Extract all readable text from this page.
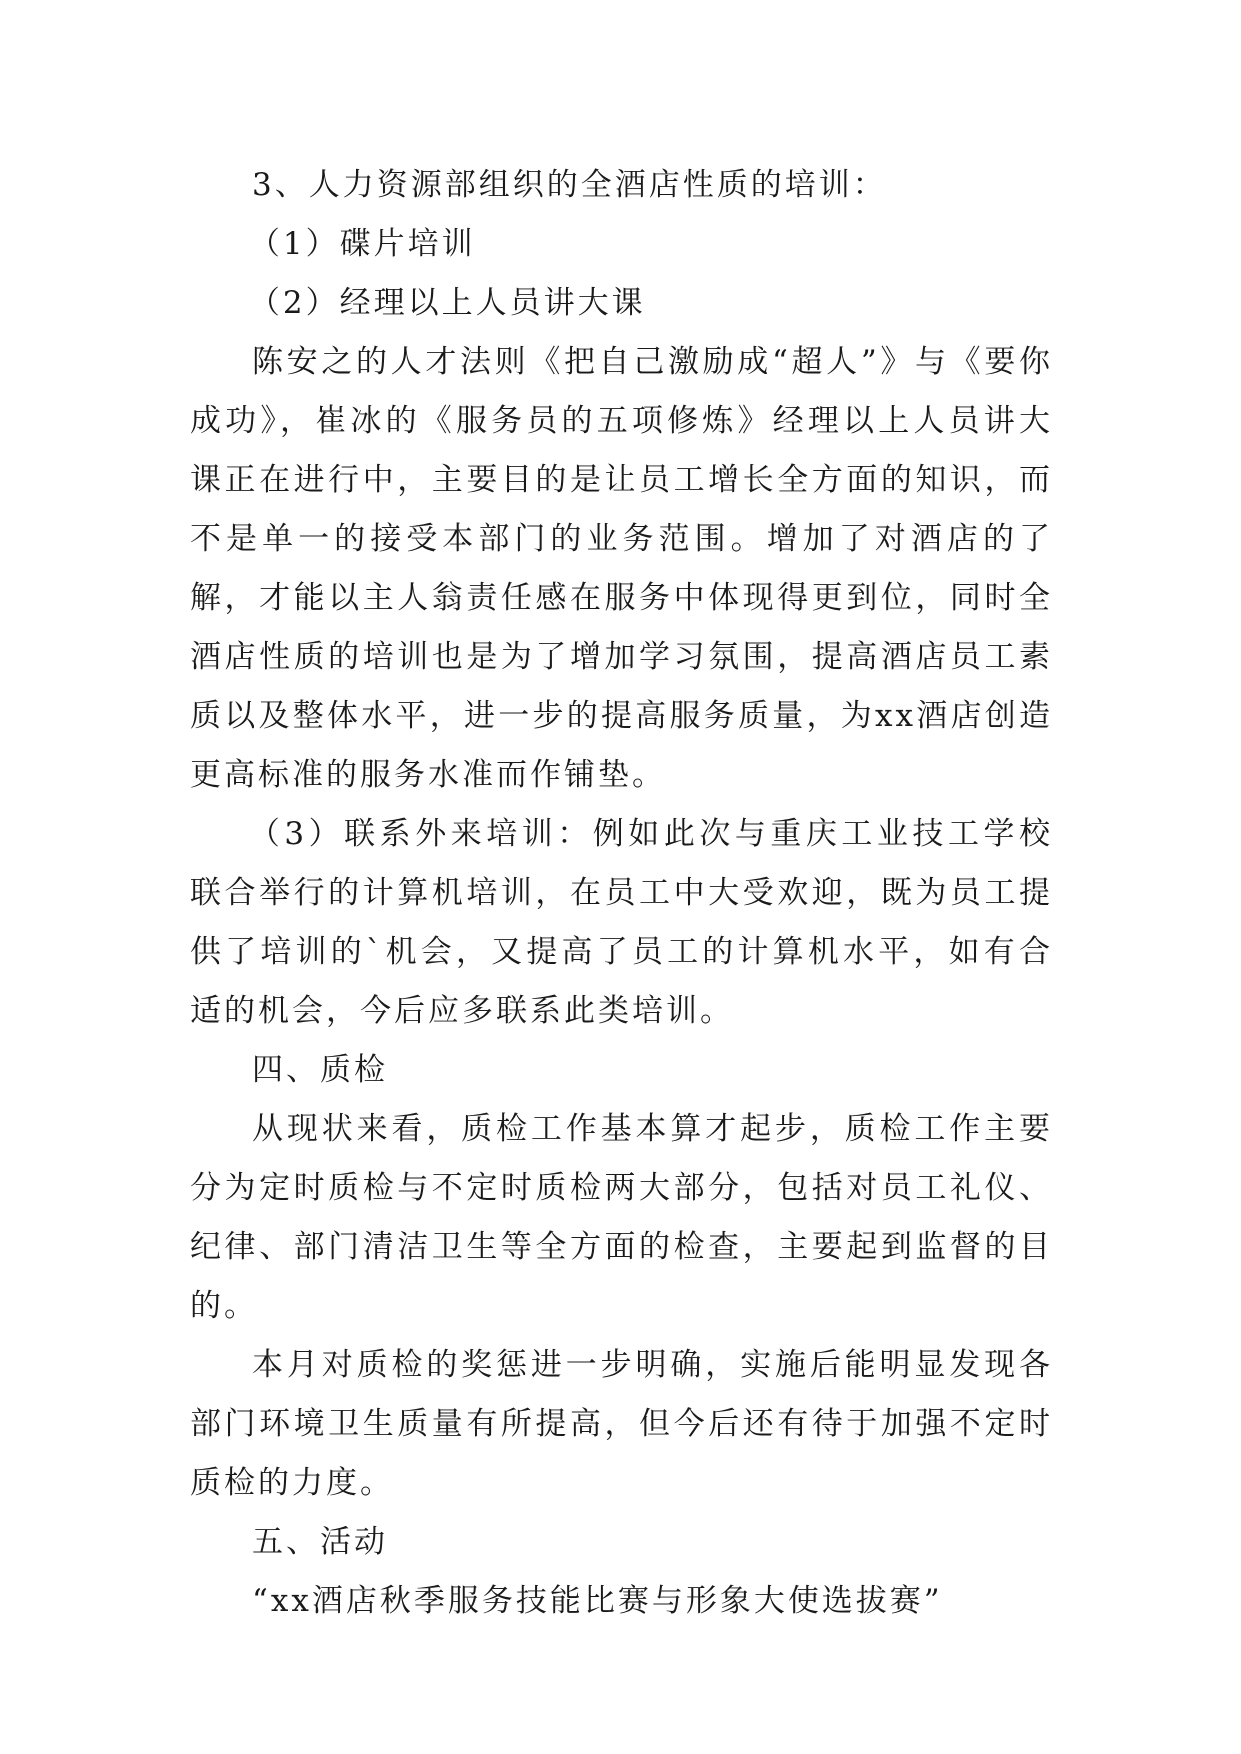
3、人力资源部组织的全酒店性质的培训：

（1）碟片培训

（2）经理以上人员讲大课

陈安之的人才法则《把自己激励成“超人”》与《要你成功》，崔冰的《服务员的五项修炼》经理以上人员讲大课正在进行中，主要目的是让员工增长全方面的知识，而不是单一的接受本部门的业务范围。增加了对酒店的了解，才能以主人翁责任感在服务中体现得更到位，同时全酒店性质的培训也是为了增加学习氛围，提高酒店员工素质以及整体水平，进一步的提高服务质量，为xx酒店创造更高标准的服务水准而作铺垫。

（3）联系外来培训：例如此次与重庆工业技工学校联合举行的计算机培训，在员工中大受欢迎，既为员工提供了培训的`机会，又提高了员工的计算机水平，如有合适的机会，今后应多联系此类培训。

四、质检

从现状来看，质检工作基本算才起步，质检工作主要分为定时质检与不定时质检两大部分，包括对员工礼仪、纪律、部门清洁卫生等全方面的检查，主要起到监督的目的。

本月对质检的奖惩进一步明确，实施后能明显发现各部门环境卫生质量有所提高，但今后还有待于加强不定时质检的力度。

五、活动

“xx酒店秋季服务技能比赛与形象大使选拔赛”
